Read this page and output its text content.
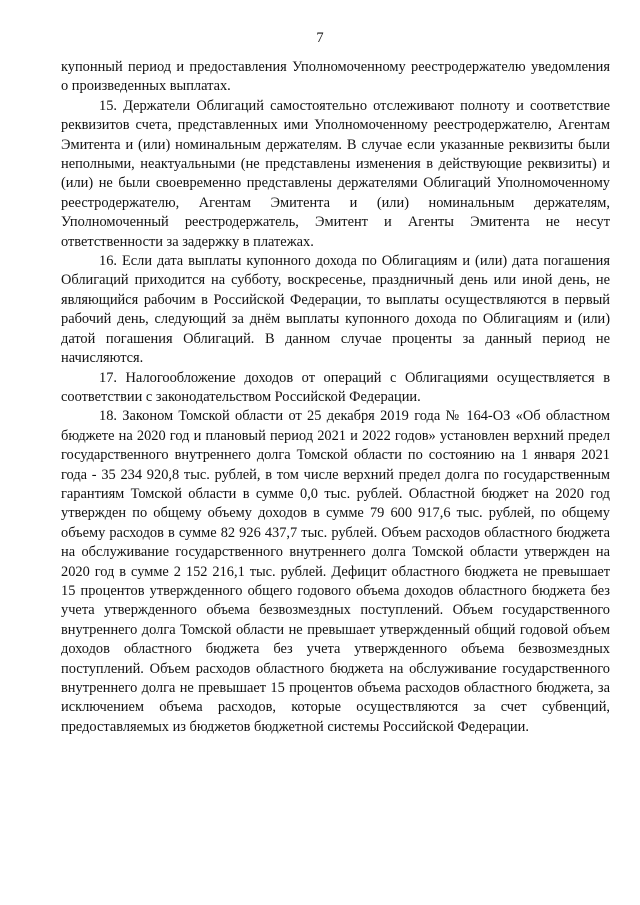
7

купонный период и предоставления Уполномоченному реестродержателю уведомления о произведенных выплатах.

15. Держатели Облигаций самостоятельно отслеживают полноту и соответствие реквизитов счета, представленных ими Уполномоченному реестродержателю, Агентам Эмитента и (или) номинальным держателям. В случае если указанные реквизиты были неполными, неактуальными (не представлены изменения в действующие реквизиты) и (или) не были своевременно представлены держателями Облигаций Уполномоченному реестродержателю, Агентам Эмитента и (или) номинальным держателям, Уполномоченный реестродержатель, Эмитент и Агенты Эмитента не несут ответственности за задержку в платежах.

16. Если дата выплаты купонного дохода по Облигациям и (или) дата погашения Облигаций приходится на субботу, воскресенье, праздничный день или иной день, не являющийся рабочим в Российской Федерации, то выплаты осуществляются в первый рабочий день, следующий за днём выплаты купонного дохода по Облигациям и (или) датой погашения Облигаций. В данном случае проценты за данный период не начисляются.

17. Налогообложение доходов от операций с Облигациями осуществляется в соответствии с законодательством Российской Федерации.

18. Законом Томской области от 25 декабря 2019 года № 164-ОЗ «Об областном бюджете на 2020 год и плановый период 2021 и 2022 годов» установлен верхний предел государственного внутреннего долга Томской области по состоянию на 1 января 2021 года - 35 234 920,8 тыс. рублей, в том числе верхний предел долга по государственным гарантиям Томской области в сумме 0,0 тыс. рублей. Областной бюджет на 2020 год утвержден по общему объему доходов в сумме 79 600 917,6 тыс. рублей, по общему объему расходов в сумме 82 926 437,7 тыс. рублей. Объем расходов областного бюджета на обслуживание государственного внутреннего долга Томской области утвержден на 2020 год в сумме 2 152 216,1 тыс. рублей. Дефицит областного бюджета не превышает 15 процентов утвержденного общего годового объема доходов областного бюджета без учета утвержденного объема безвозмездных поступлений. Объем государственного внутреннего долга Томской области не превышает утвержденный общий годовой объем доходов областного бюджета без учета утвержденного объема безвозмездных поступлений. Объем расходов областного бюджета на обслуживание государственного внутреннего долга не превышает 15 процентов объема расходов областного бюджета, за исключением объема расходов, которые осуществляются за счет субвенций, предоставляемых из бюджетов бюджетной системы Российской Федерации.
